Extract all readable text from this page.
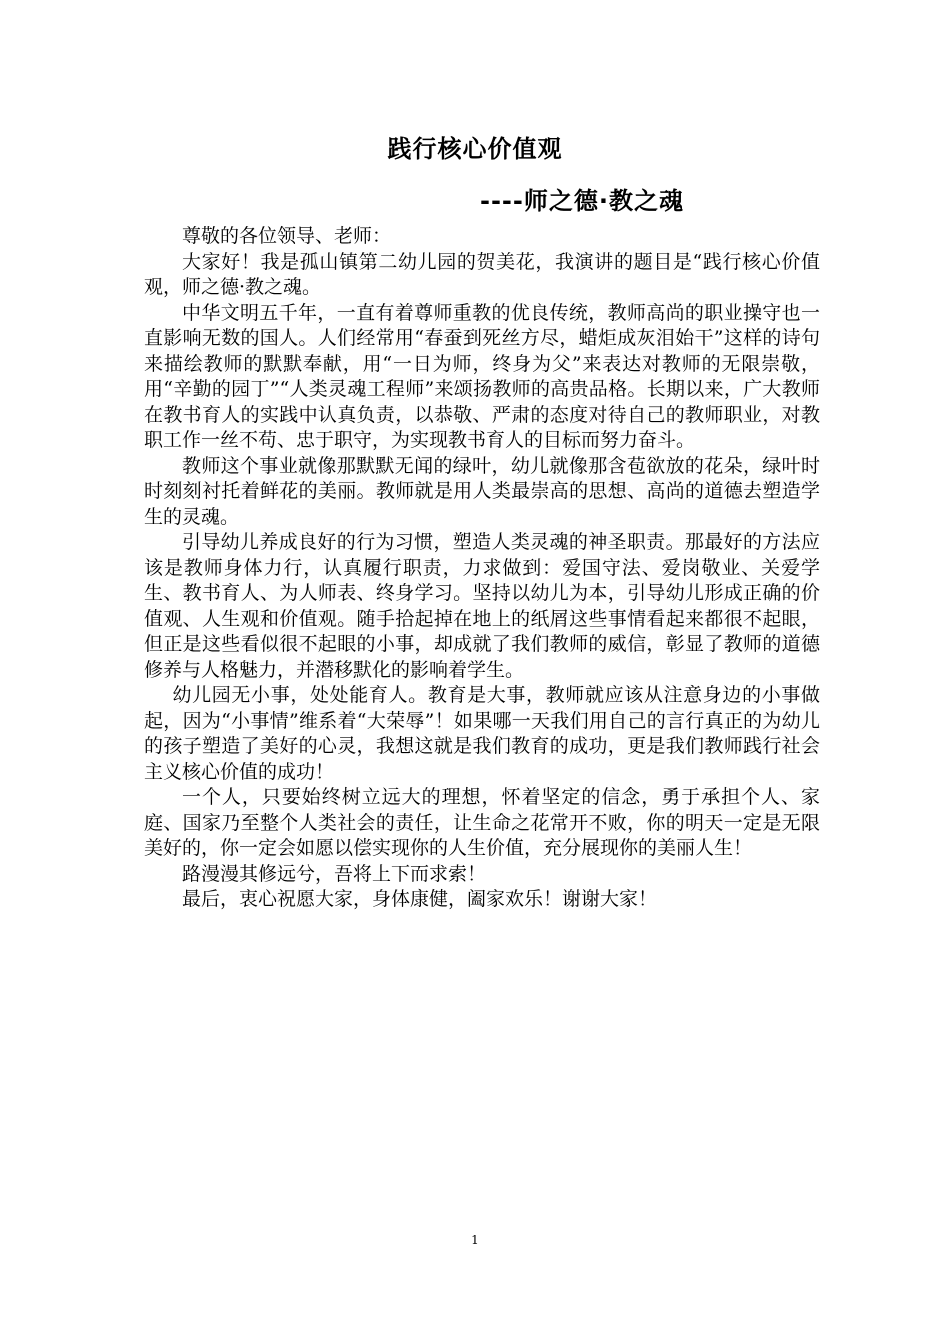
践行核心价值观
----师之德·教之魂

尊敬的各位领导、老师：

大家好！我是孤山镇第二幼儿园的贺美花，我演讲的题目是“践行核心价值观，师之德·教之魂。

中华文明五千年，一直有着尊师重教的优良传统，教师高尚的职业操守也一直影响无数的国人。人们经常用“春蚕到死丝方尽，蜡炬成灰泪始干”这样的诗句来描绘教师的默默奉献，用“一日为师，终身为父”来表达对教师的无限崇敬，用“辛勤的园丁”“人类灵魂工程师”来颂扬教师的高贵品格。长期以来，广大教师在教书育人的实践中认真负责，以恭敬、严肃的态度对待自己的教师职业，对教职工作一丝不苟、忠于职守，为实现教书育人的目标而努力奋斗。

教师这个事业就像那默默无闻的绿叶，幼儿就像那含苞欲放的花朵，绿叶时时刻刻衬托着鲜花的美丽。教师就是用人类最崇高的思想、高尚的道德去塑造学生的灵魂。

引导幼儿养成良好的行为习惯，塑造人类灵魂的神圣职责。那最好的方法应该是教师身体力行，认真履行职责，力求做到：爱国守法、爱岗敬业、关爱学生、教书育人、为人师表、终身学习。坚持以幼儿为本，引导幼儿形成正确的价值观、人生观和价值观。随手拾起掉在地上的纸屑这些事情看起来都很不起眼，但正是这些看似很不起眼的小事，却成就了我们教师的威信，彰显了教师的道德修养与人格魅力，并潜移默化的影响着学生。

幼儿园无小事，处处能育人。教育是大事，教师就应该从注意身边的小事做起，因为“小事情”维系着“大荣辱”！如果哪一天我们用自己的言行真正的为幼儿的孩子塑造了美好的心灵，我想这就是我们教育的成功，更是我们教师践行社会主义核心价值的成功！

一个人，只要始终树立远大的理想，怀着坚定的信念，勇于承担个人、家庭、国家乃至整个人类社会的责任，让生命之花常开不败，你的明天一定是无限美好的，你一定会如愿以偿实现你的人生价值，充分展现你的美丽人生！

路漫漫其修远兮，吾将上下而求索！

最后，衷心祝愿大家，身体康健，阖家欢乐！谢谢大家！

1
